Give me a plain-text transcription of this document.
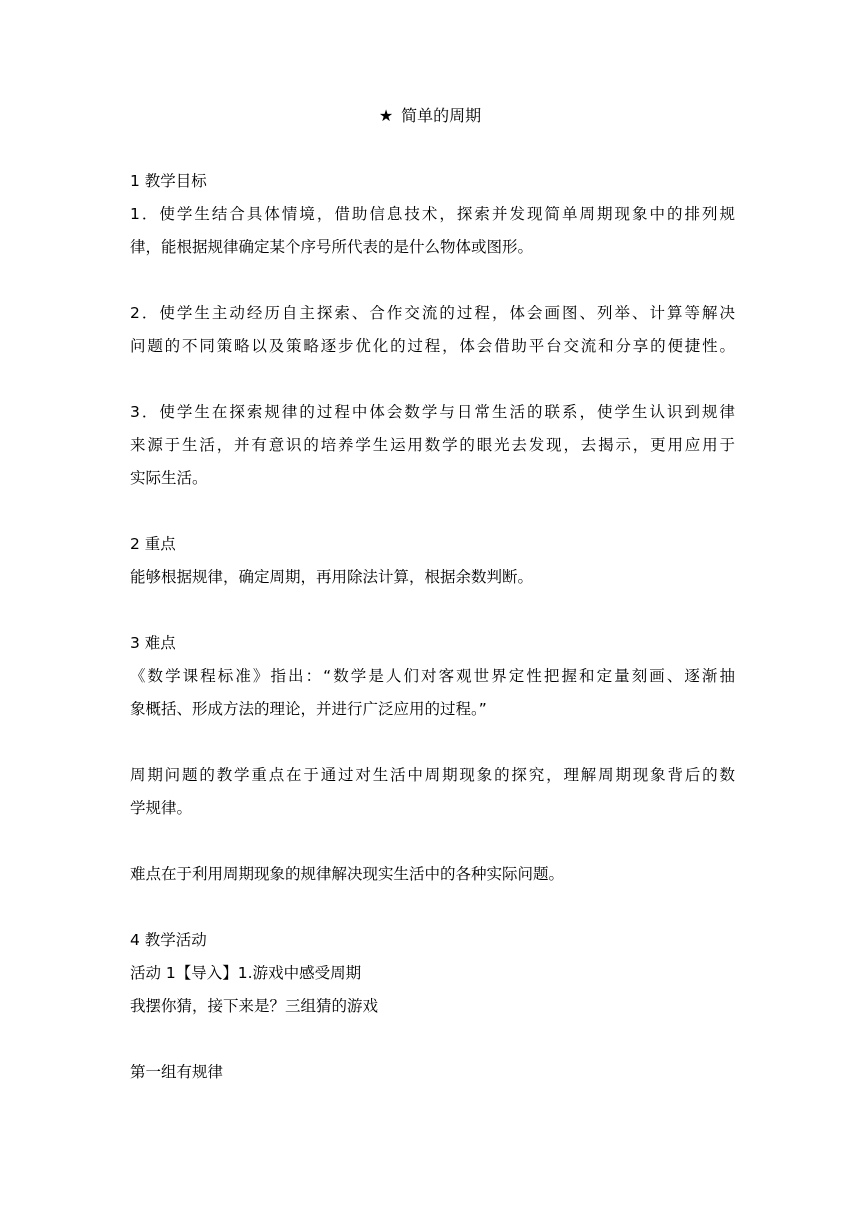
★ 简单的周期
1 教学目标
1．使学生结合具体情境，借助信息技术，探索并发现简单周期现象中的排列规
律，能根据规律确定某个序号所代表的是什么物体或图形。
2．使学生主动经历自主探索、合作交流的过程，体会画图、列举、计算等解决
问题的不同策略以及策略逐步优化的过程，体会借助平台交流和分享的便捷性。
3．使学生在探索规律的过程中体会数学与日常生活的联系，使学生认识到规律
来源于生活，并有意识的培养学生运用数学的眼光去发现，去揭示，更用应用于
实际生活。
2 重点
能够根据规律，确定周期，再用除法计算，根据余数判断。
3 难点
《数学课程标准》指出：“数学是人们对客观世界定性把握和定量刻画、逐渐抽
象概括、形成方法的理论，并进行广泛应用的过程。”
周期问题的教学重点在于通过对生活中周期现象的探究，理解周期现象背后的数
学规律。
难点在于利用周期现象的规律解决现实生活中的各种实际问题。
4 教学活动
活动 1【导入】1.游戏中感受周期
我摆你猜，接下来是？三组猜的游戏
第一组有规律
